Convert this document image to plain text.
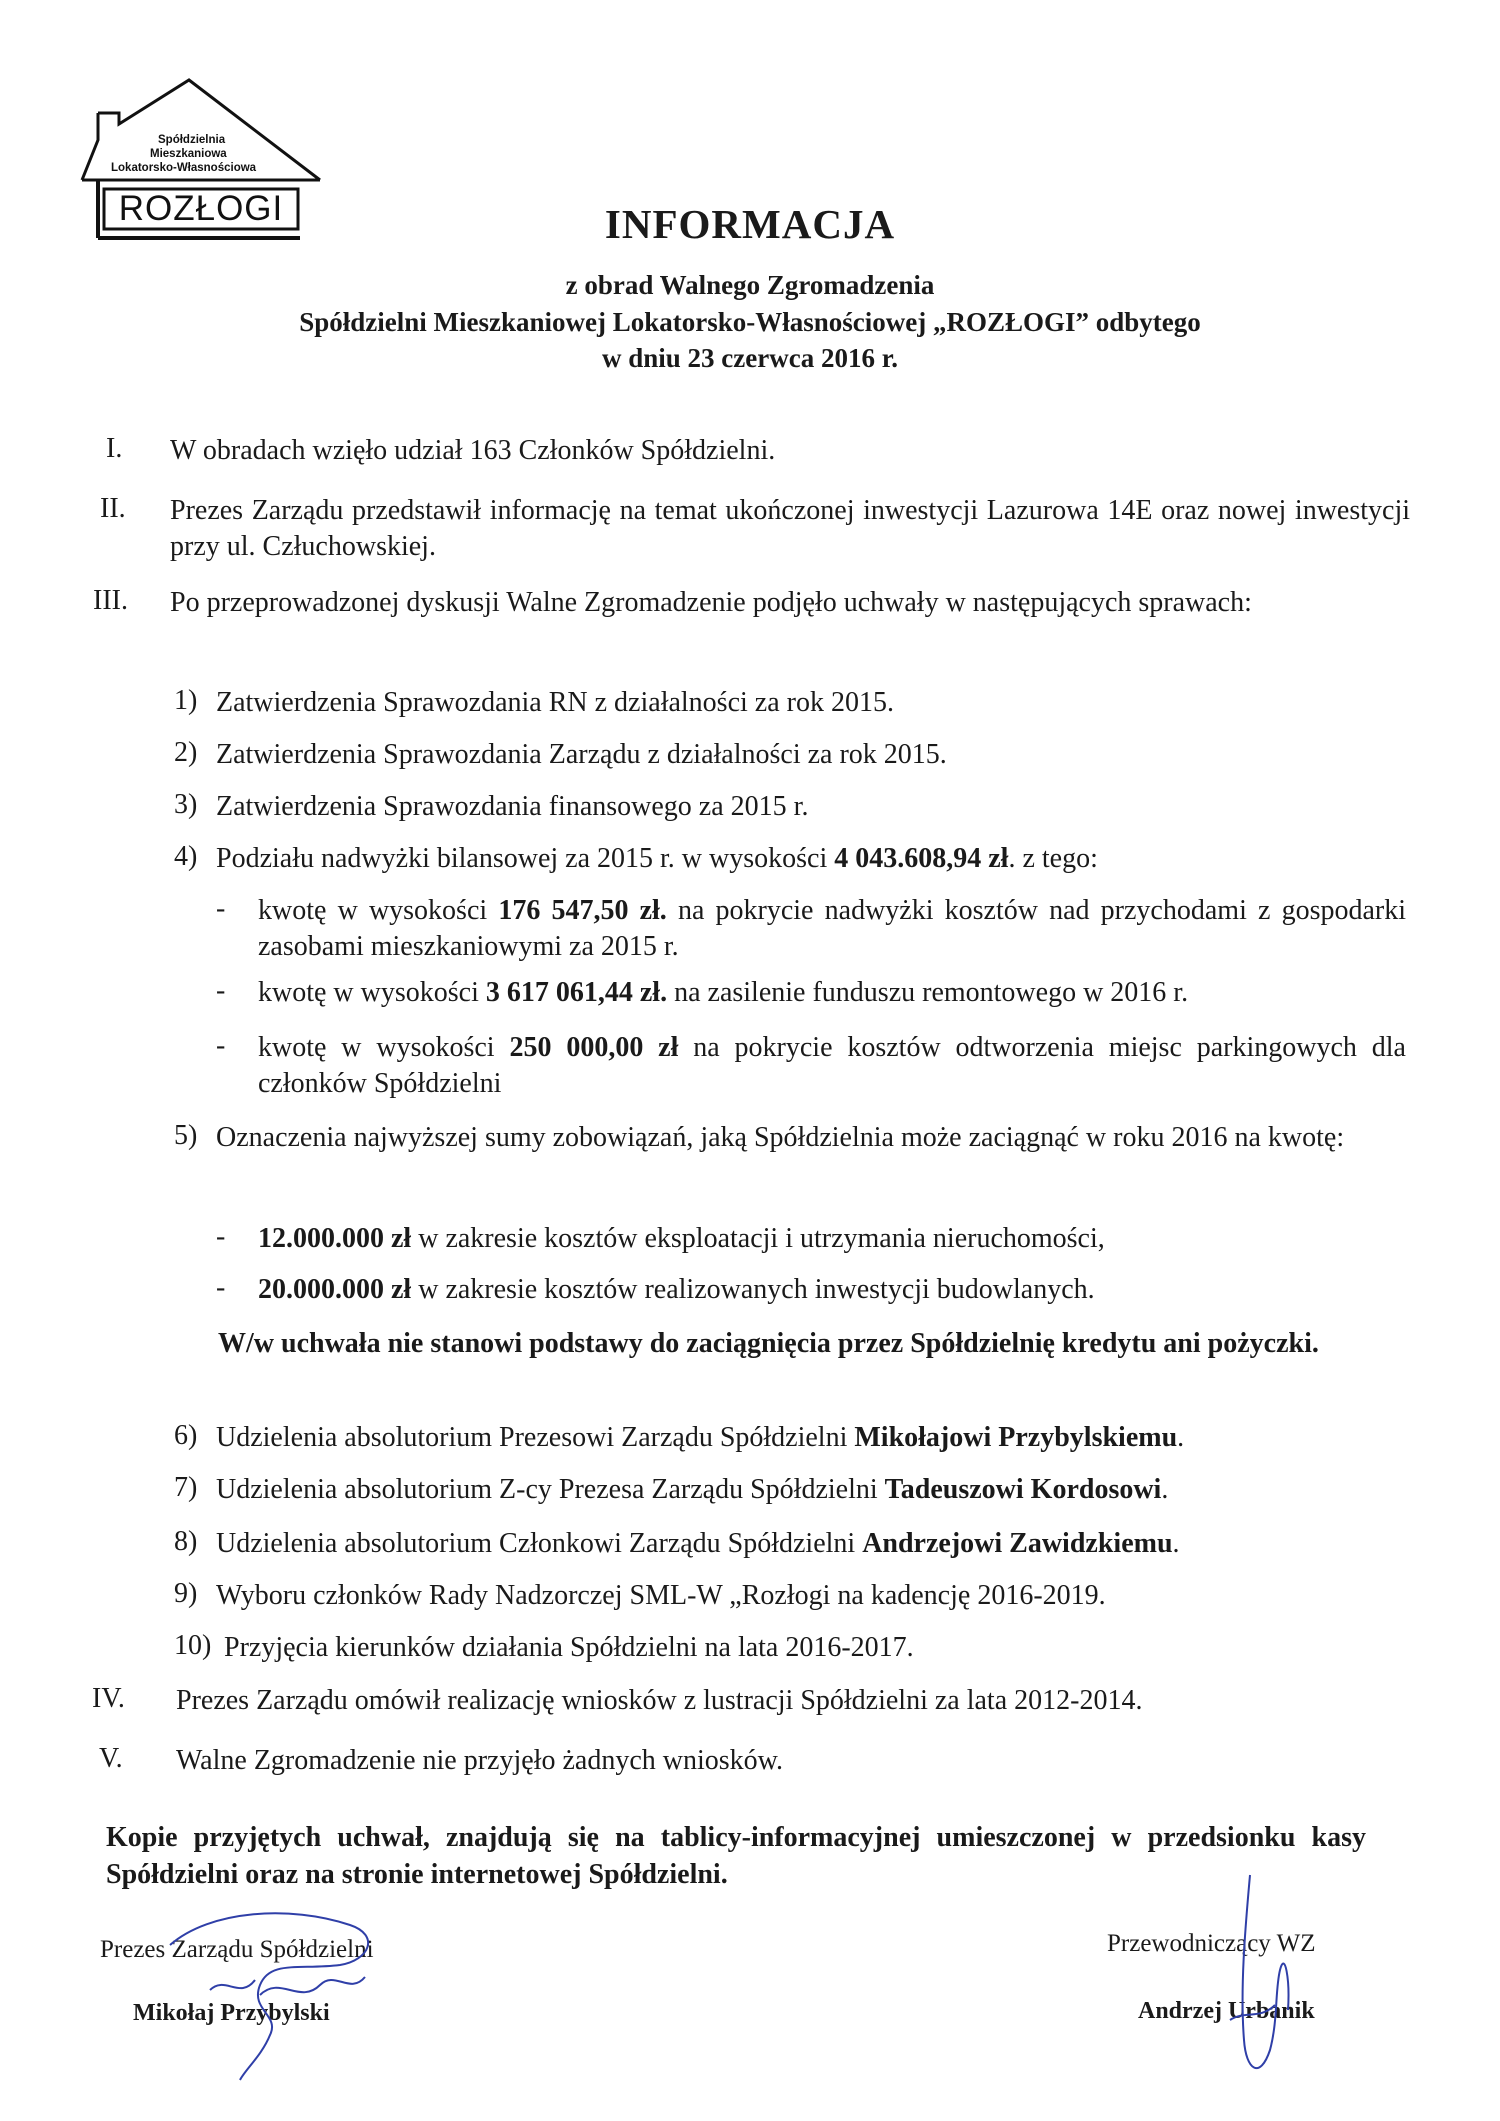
Spółdzielnia
Mieszkaniowa
Lokatorsko-Własnościowa
ROZŁOGI	INFORMACJA
z obrad Walnego Zgromadzenia
Spółdzielni Mieszkaniowej Lokatorsko-Własnościowej „ROZŁOGI” odbytego
w dniu 23 czerwca 2016 r.
I. W obradach wzięło udział 163 Członków Spółdzielni.
II. Prezes Zarządu przedstawił informację na temat ukończonej inwestycji Lazurowa 14E oraz nowej inwestycji przy ul. Człuchowskiej.
III. Po przeprowadzonej dyskusji Walne Zgromadzenie podjęło uchwały w następujących sprawach:
1) Zatwierdzenia Sprawozdania RN z działalności za rok 2015.
2) Zatwierdzenia Sprawozdania Zarządu z działalności za rok 2015.
3) Zatwierdzenia Sprawozdania finansowego za 2015 r.
4) Podziału nadwyżki bilansowej za 2015 r. w wysokości 4 043.608,94 zł. z tego:
- kwotę w wysokości 176 547,50 zł. na pokrycie nadwyżki kosztów nad przychodami z gospodarki zasobami mieszkaniowymi za 2015 r.
- kwotę w wysokości 3 617 061,44 zł. na zasilenie funduszu remontowego w 2016 r.
- kwotę w wysokości 250 000,00 zł na pokrycie kosztów odtworzenia miejsc parkingowych dla członków Spółdzielni
5) Oznaczenia najwyższej sumy zobowiązań, jaką Spółdzielnia może zaciągnąć w roku 2016 na kwotę:
- 12.000.000 zł w zakresie kosztów eksploatacji i utrzymania nieruchomości,
- 20.000.000 zł w zakresie kosztów realizowanych inwestycji budowlanych.
W/w uchwała nie stanowi podstawy do zaciągnięcia przez Spółdzielnię kredytu ani pożyczki.
6) Udzielenia absolutorium Prezesowi Zarządu Spółdzielni Mikołajowi Przybylskiemu.
7) Udzielenia absolutorium Z-cy Prezesa Zarządu Spółdzielni Tadeuszowi Kordosowi.
8) Udzielenia absolutorium Członkowi Zarządu Spółdzielni Andrzejowi Zawidzkiemu.
9) Wyboru członków Rady Nadzorczej SML-W „Rozłogi na kadencję 2016-2019.
10) Przyjęcia kierunków działania Spółdzielni na lata 2016-2017.
IV. Prezes Zarządu omówił realizację wniosków z lustracji Spółdzielni za lata 2012-2014.
V. Walne Zgromadzenie nie przyjęło żadnych wniosków.
Kopie przyjętych uchwał, znajdują się na tablicy‑informacyjnej umieszczonej w przedsionku kasy Spółdzielni oraz na stronie internetowej Spółdzielni.
Prezes Zarządu Spółdzielni
Mikołaj Przybylski
Przewodniczący WZ
Andrzej Urbanik
